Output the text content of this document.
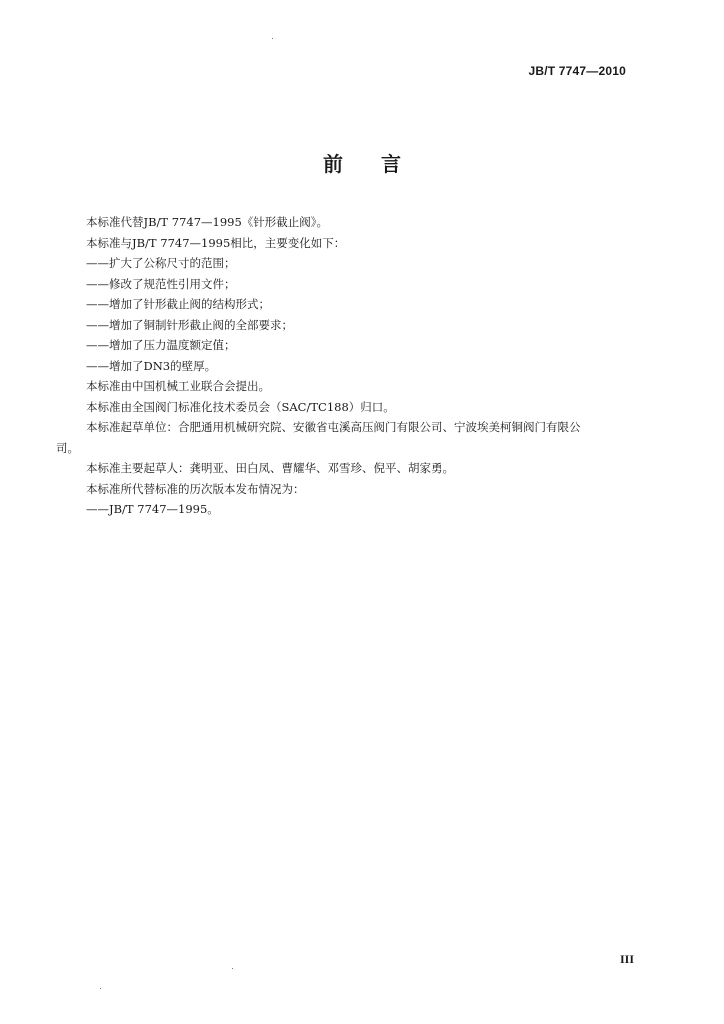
JB/T 7747—2010
前 言
本标准代替JB/T 7747—1995《针形截止阀》。
本标准与JB/T 7747—1995相比，主要变化如下：
——扩大了公称尺寸的范围；
——修改了规范性引用文件；
——增加了针形截止阀的结构形式；
——增加了铜制针形截止阀的全部要求；
——增加了压力温度额定值；
——增加了DN3的壁厚。
本标准由中国机械工业联合会提出。
本标准由全国阀门标准化技术委员会（SAC/TC188）归口。
本标准起草单位：合肥通用机械研究院、安徽省屯溪高压阀门有限公司、宁波埃美柯铜阀门有限公
司。
本标准主要起草人：龚明亚、田白凤、曹耀华、邓雪珍、倪平、胡家勇。
本标准所代替标准的历次版本发布情况为：
——JB/T 7747—1995。
III
